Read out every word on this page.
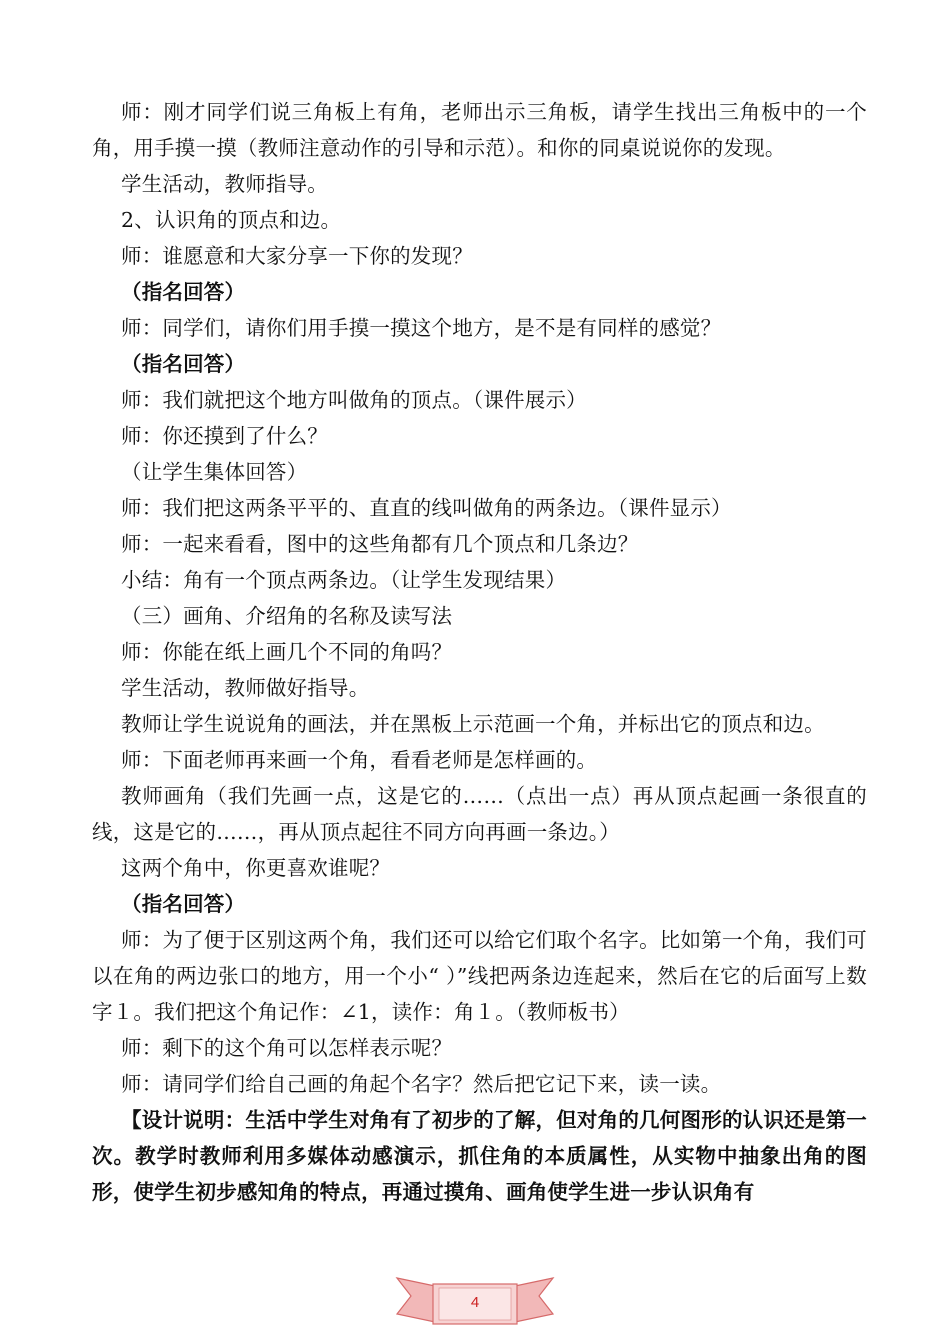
师：刚才同学们说三角板上有角，老师出示三角板，请学生找出三角板中的一个角，用手摸一摸（教师注意动作的引导和示范）。和你的同桌说说你的发现。

学生活动，教师指导。

2、认识角的顶点和边。

师：谁愿意和大家分享一下你的发现？

（指名回答）

师：同学们，请你们用手摸一摸这个地方，是不是有同样的感觉？

（指名回答）

师：我们就把这个地方叫做角的顶点。（课件展示）

师：你还摸到了什么？

（让学生集体回答）

师：我们把这两条平平的、直直的线叫做角的两条边。（课件显示）

师：一起来看看，图中的这些角都有几个顶点和几条边？

小结：角有一个顶点两条边。（让学生发现结果）

（三）画角、介绍角的名称及读写法

师：你能在纸上画几个不同的角吗？

学生活动，教师做好指导。

教师让学生说说角的画法，并在黑板上示范画一个角，并标出它的顶点和边。

师：下面老师再来画一个角，看看老师是怎样画的。

教师画角（我们先画一点，这是它的……（点出一点）再从顶点起画一条很直的线，这是它的……，再从顶点起往不同方向再画一条边。）

这两个角中，你更喜欢谁呢？

（指名回答）

师：为了便于区别这两个角，我们还可以给它们取个名字。比如第一个角，我们可以在角的两边张口的地方，用一个小“ ）”线把两条边连起来，然后在它的后面写上数字１。我们把这个角记作：∠1，读作：角１。（教师板书）

师：剩下的这个角可以怎样表示呢？

师：请同学们给自己画的角起个名字？然后把它记下来，读一读。

【设计说明：生活中学生对角有了初步的了解，但对角的几何图形的认识还是第一次。教学时教师利用多媒体动感演示，抓住角的本质属性，从实物中抽象出角的图形，使学生初步感知角的特点，再通过摸角、画角使学生进一步认识角有

4
